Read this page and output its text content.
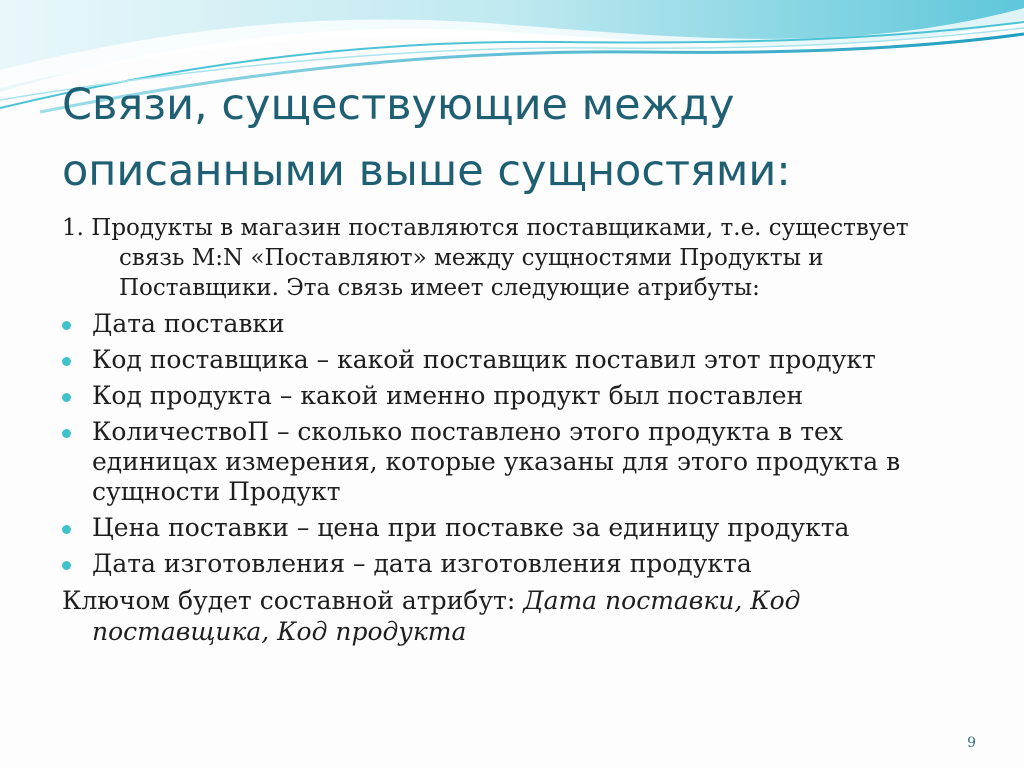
Связи, существующие между описанными выше сущностями:

1. Продукты в магазин поставляются поставщиками, т.е. существует связь M:N «Поставляют» между сущностями Продукты и Поставщики. Эта связь имеет следующие атрибуты:

Дата поставки
Код поставщика – какой поставщик поставил этот продукт
Код продукта – какой именно продукт был поставлен
КоличествоП – сколько поставлено этого продукта в тех единицах измерения, которые указаны для этого продукта в сущности Продукт
Цена поставки – цена при поставке за единицу продукта
Дата изготовления – дата изготовления продукта

Ключом будет составной атрибут: Дата поставки, Код поставщика, Код продукта

9
